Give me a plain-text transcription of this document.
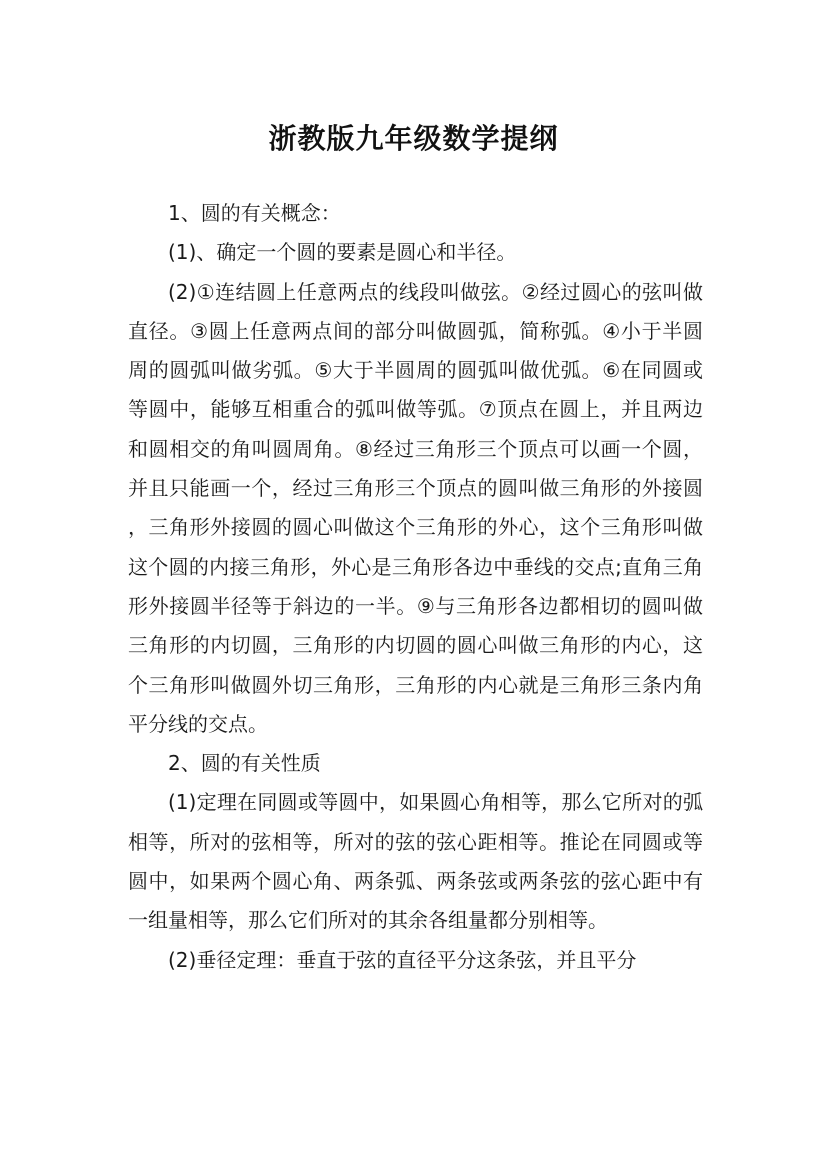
浙教版九年级数学提纲

1、圆的有关概念：

(1)、确定一个圆的要素是圆心和半径。

(2)①连结圆上任意两点的线段叫做弦。②经过圆心的弦叫做直径。③圆上任意两点间的部分叫做圆弧，简称弧。④小于半圆周的圆弧叫做劣弧。⑤大于半圆周的圆弧叫做优弧。⑥在同圆或等圆中，能够互相重合的弧叫做等弧。⑦顶点在圆上，并且两边和圆相交的角叫圆周角。⑧经过三角形三个顶点可以画一个圆，并且只能画一个，经过三角形三个顶点的圆叫做三角形的外接圆，三角形外接圆的圆心叫做这个三角形的外心，这个三角形叫做这个圆的内接三角形，外心是三角形各边中垂线的交点;直角三角形外接圆半径等于斜边的一半。⑨与三角形各边都相切的圆叫做三角形的内切圆，三角形的内切圆的圆心叫做三角形的内心，这个三角形叫做圆外切三角形，三角形的内心就是三角形三条内角平分线的交点。

2、圆的有关性质

(1)定理在同圆或等圆中，如果圆心角相等，那么它所对的弧相等，所对的弦相等，所对的弦的弦心距相等。推论在同圆或等圆中，如果两个圆心角、两条弧、两条弦或两条弦的弦心距中有一组量相等，那么它们所对的其余各组量都分别相等。

(2)垂径定理：垂直于弦的直径平分这条弦，并且平分
